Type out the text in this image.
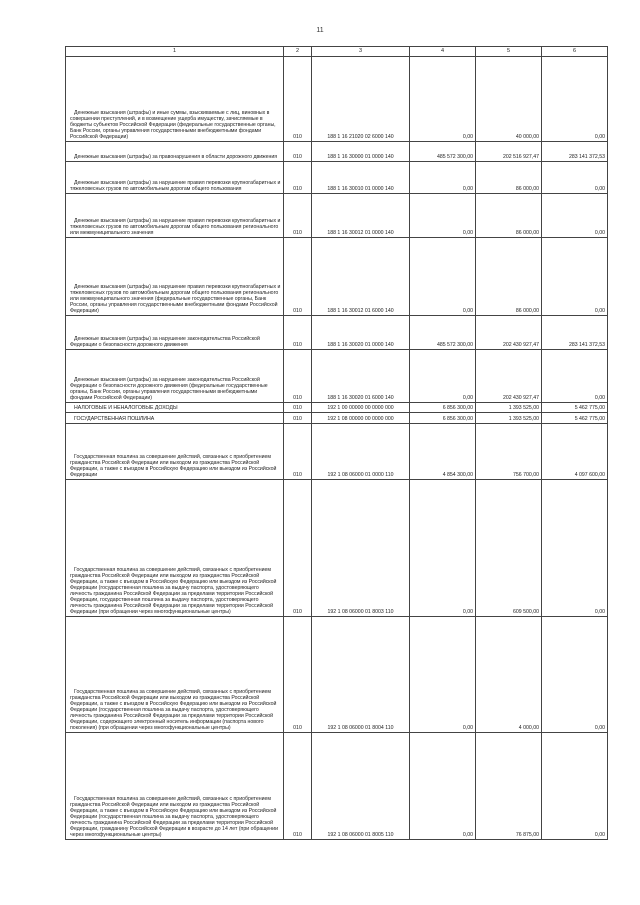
11
1	2	3	4	5	6

Денежные взыскания (штрафы) и иные суммы, взыскиваемые с лиц, виновных в совершении преступлений, и в возмещение ущерба имуществу, зачисляемые в бюджеты субъектов Российской Федерации (федеральные государственные органы, Банк России, органы управления государственными внебюджетными фондами Российской Федерации)	010	188 1 16 21020 02 6000 140	0,00	40 000,00	0,00

Денежные взыскания (штрафы) за правонарушения в области дорожного движения	010	188 1 16 30000 01 0000 140	485 572 300,00	202 516 927,47	283 141 372,53

Денежные взыскания (штрафы) за нарушение правил перевозки крупногабаритных и тяжеловесных грузов по автомобильным дорогам общего пользования	010	188 1 16 30010 01 0000 140	0,00	86 000,00	0,00

Денежные взыскания (штрафы) за нарушение правил перевозки крупногабаритных и тяжеловесных грузов по автомобильным дорогам общего пользования регионального или межмуниципального значения	010	188 1 16 30012 01 0000 140	0,00	86 000,00	0,00

Денежные взыскания (штрафы) за нарушение правил перевозки крупногабаритных и тяжеловесных грузов по автомобильным дорогам общего пользования регионального или межмуниципального значения (федеральные государственные органы, Банк России, органы управления государственными внебюджетными фондами Российской Федерации)	010	188 1 16 30012 01 6000 140	0,00	86 000,00	0,00

Денежные взыскания (штрафы) за нарушение законодательства Российской Федерации о безопасности дорожного движения	010	188 1 16 30020 01 0000 140	485 572 300,00	202 430 927,47	283 141 372,53

Денежные взыскания (штрафы) за нарушение законодательства Российской Федерации о безопасности дорожного движения (федеральные государственные органы, Банк России, органы управления государственными внебюджетными фондами Российской Федерации)	010	188 1 16 30020 01 6000 140	0,00	202 430 927,47	0,00

НАЛОГОВЫЕ И НЕНАЛОГОВЫЕ ДОХОДЫ	010	192 1 00 00000 00 0000 000	6 856 300,00	1 393 525,00	5 462 775,00

ГОСУДАРСТВЕННАЯ ПОШЛИНА	010	192 1 08 00000 00 0000 000	6 856 300,00	1 393 525,00	5 462 775,00

Государственная пошлина за совершение действий, связанных с приобретением гражданства Российской Федерации или выходом из гражданства Российской Федерации, а также с въездом в Российскую Федерацию или выездом из Российской Федерации	010	192 1 08 06000 01 0000 110	4 854 300,00	756 700,00	4 097 600,00

Государственная пошлина за совершение действий, связанных с приобретением гражданства Российской Федерации или выходом из гражданства Российской Федерации, а также с въездом в Российскую Федерацию или выездом из Российской Федерации (государственная пошлина за выдачу паспорта, удостоверяющего личность гражданина Российской Федерации за пределами территории Российской Федерации, государственная пошлина за выдачу паспорта, удостоверяющего личность гражданина Российской Федерации за пределами территории Российской Федерации (при обращении через многофункциональные центры)	010	192 1 08 06000 01 8003 110	0,00	609 500,00	0,00

Государственная пошлина за совершение действий, связанных с приобретением гражданства Российской Федерации или выходом из гражданства Российской Федерации, а также с въездом в Российскую Федерацию или выездом из Российской Федерации (государственная пошлина за выдачу паспорта, удостоверяющего личность гражданина Российской Федерации за пределами территории Российской Федерации, содержащего электронный носитель информации (паспорта нового поколения) (при обращении через многофункциональные центры)	010	192 1 08 06000 01 8004 110	0,00	4 000,00	0,00

Государственная пошлина за совершение действий, связанных с приобретением гражданства Российской Федерации или выходом из гражданства Российской Федерации, а также с въездом в Российскую Федерацию или выездом из Российской Федерации (государственная пошлина за выдачу паспорта, удостоверяющего личность гражданина Российской Федерации за пределами территории Российской Федерации, гражданину Российской Федерации в возрасте до 14 лет (при обращении через многофункциональные центры)	010	192 1 08 06000 01 8005 110	0,00	76 875,00	0,00
